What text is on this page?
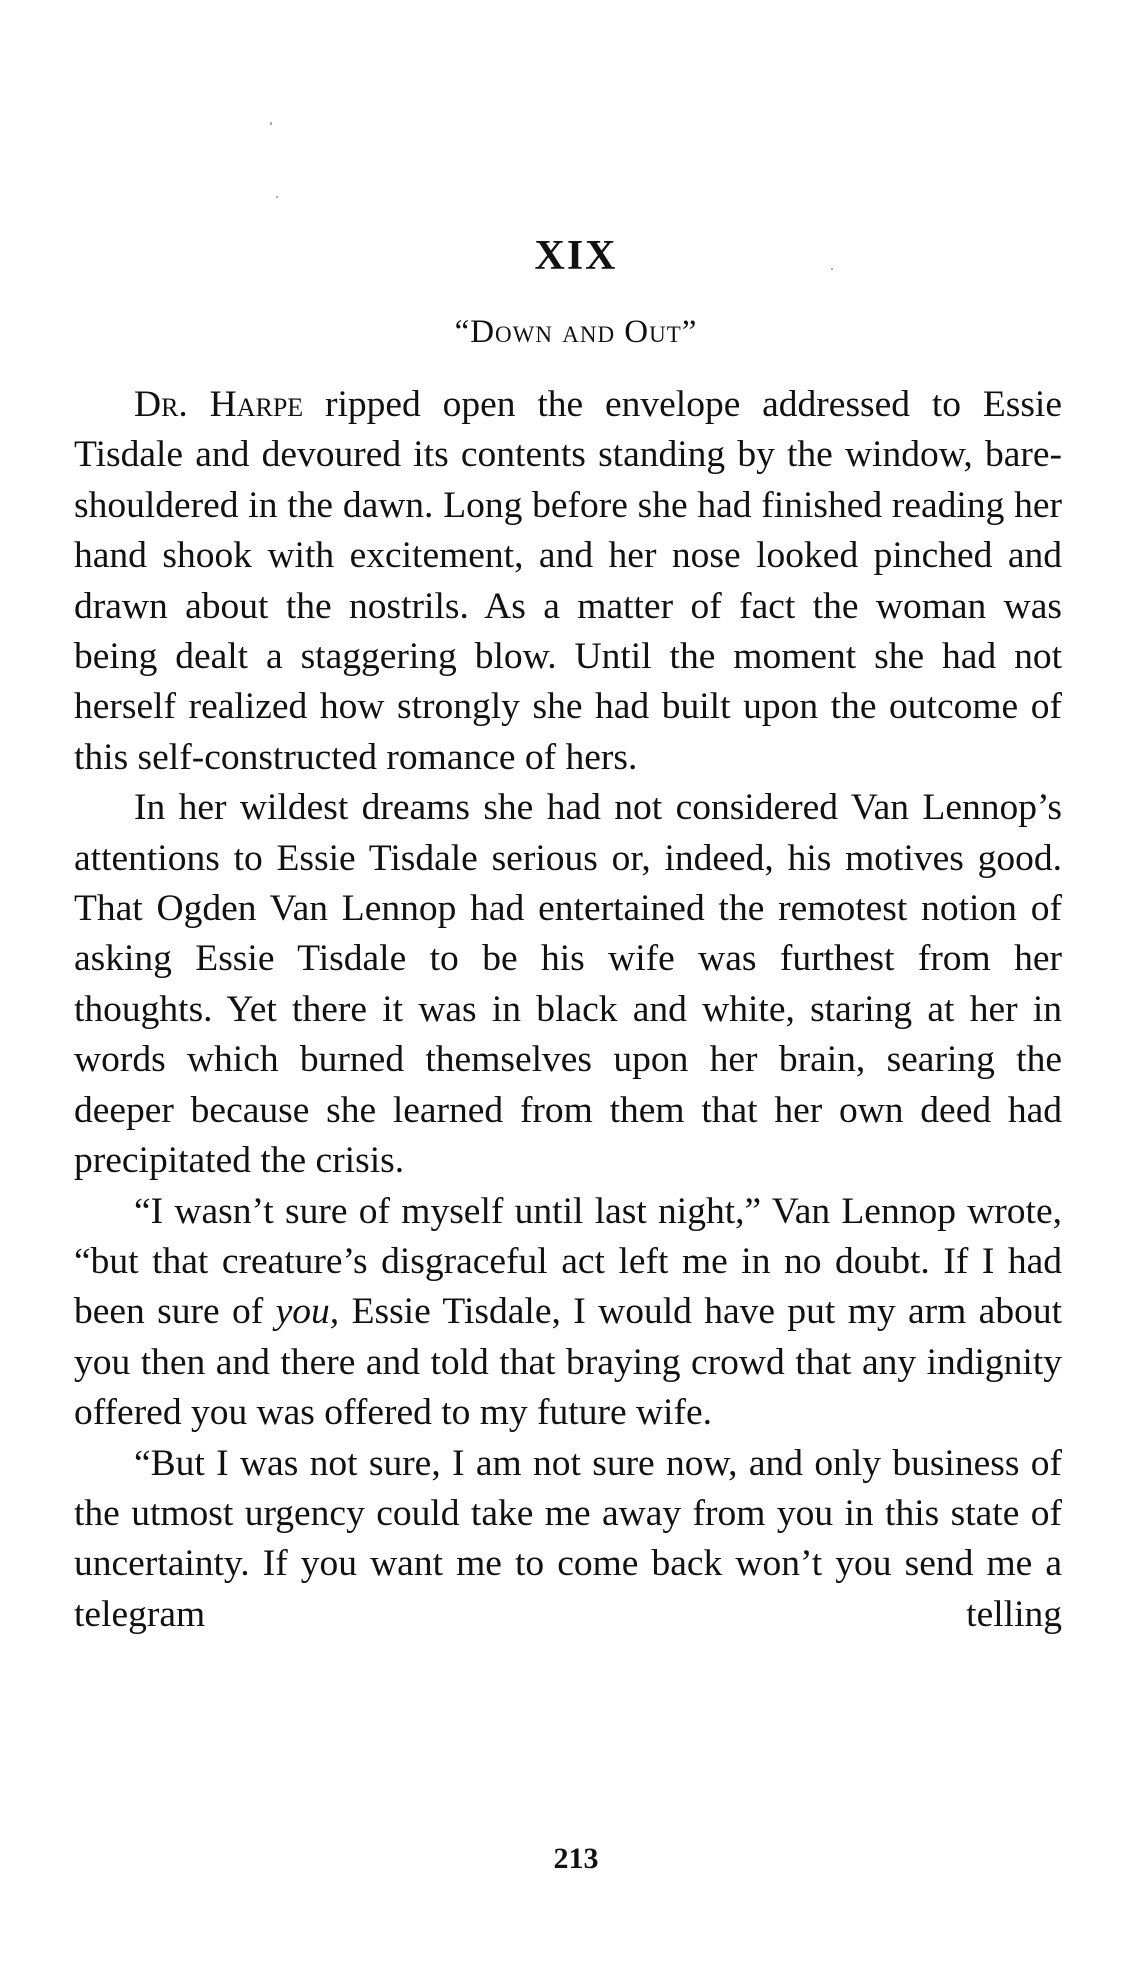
XIX
“Down and Out”

Dr. Harpe ripped open the envelope addressed to Essie Tisdale and devoured its contents standing by the window, bare-shouldered in the dawn. Long before she had finished reading her hand shook with excitement, and her nose looked pinched and drawn about the nostrils. As a matter of fact the woman was being dealt a staggering blow. Until the moment she had not herself realized how strongly she had built upon the outcome of this self-constructed romance of hers.

In her wildest dreams she had not considered Van Lennop’s attentions to Essie Tisdale serious or, indeed, his motives good. That Ogden Van Lennop had entertained the remotest notion of asking Essie Tisdale to be his wife was furthest from her thoughts. Yet there it was in black and white, staring at her in words which burned themselves upon her brain, searing the deeper because she learned from them that her own deed had precipitated the crisis.

“I wasn’t sure of myself until last night,” Van Lennop wrote, “but that creature’s disgraceful act left me in no doubt. If I had been sure of you, Essie Tisdale, I would have put my arm about you then and there and told that braying crowd that any indignity offered you was offered to my future wife.

“But I was not sure, I am not sure now, and only business of the utmost urgency could take me away from you in this state of uncertainty. If you want me to come back won’t you send me a telegram telling

213
